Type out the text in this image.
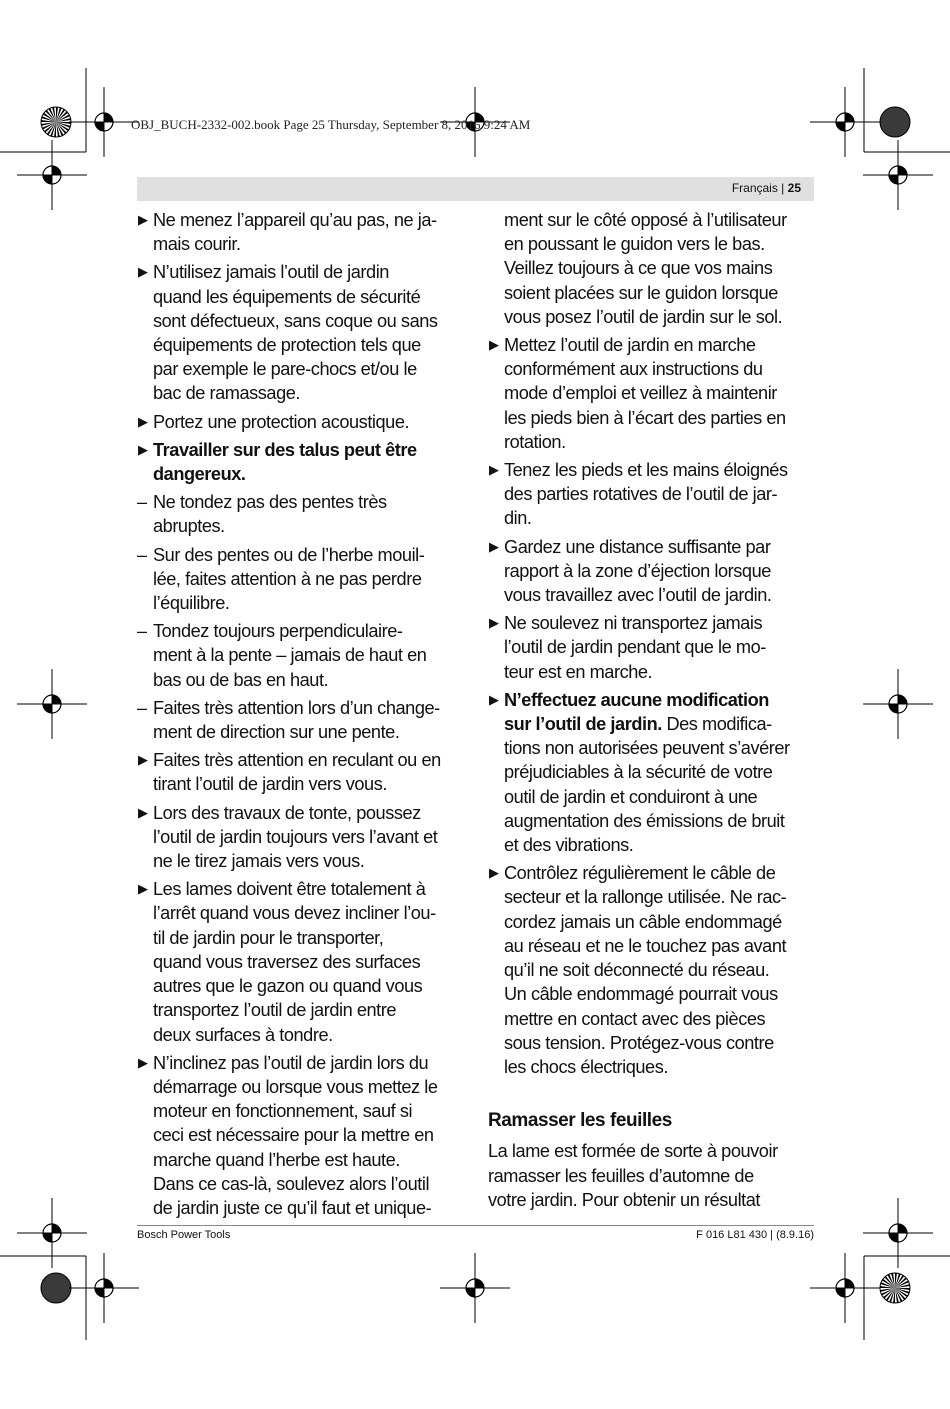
OBJ_BUCH-2332-002.book Page 25 Thursday, September 8, 2016 9:24 AM
Français | 25
▶ Ne menez l’appareil qu’au pas, ne ja-
mais courir.
▶ N’utilisez jamais l’outil de jardin
quand les équipements de sécurité
sont défectueux, sans coque ou sans
équipements de protection tels que
par exemple le pare-chocs et/ou le
bac de ramassage.
▶ Portez une protection acoustique.
▶ Travailler sur des talus peut être
dangereux.
– Ne tondez pas des pentes très
abruptes.
– Sur des pentes ou de l’herbe mouil-
lée, faites attention à ne pas perdre
l’équilibre.
– Tondez toujours perpendiculaire-
ment à la pente – jamais de haut en
bas ou de bas en haut.
– Faites très attention lors d’un change-
ment de direction sur une pente.
▶ Faites très attention en reculant ou en
tirant l’outil de jardin vers vous.
▶ Lors des travaux de tonte, poussez
l’outil de jardin toujours vers l’avant et
ne le tirez jamais vers vous.
▶ Les lames doivent être totalement à
l’arrêt quand vous devez incliner l’ou-
til de jardin pour le transporter,
quand vous traversez des surfaces
autres que le gazon ou quand vous
transportez l’outil de jardin entre
deux surfaces à tondre.
▶ N’inclinez pas l’outil de jardin lors du
démarrage ou lorsque vous mettez le
moteur en fonctionnement, sauf si
ceci est nécessaire pour la mettre en
marche quand l’herbe est haute.
Dans ce cas-là, soulevez alors l’outil
de jardin juste ce qu’il faut et unique-
ment sur le côté opposé à l’utilisateur
en poussant le guidon vers le bas.
Veillez toujours à ce que vos mains
soient placées sur le guidon lorsque
vous posez l’outil de jardin sur le sol.
▶ Mettez l’outil de jardin en marche
conformément aux instructions du
mode d’emploi et veillez à maintenir
les pieds bien à l’écart des parties en
rotation.
▶ Tenez les pieds et les mains éloignés
des parties rotatives de l’outil de jar-
din.
▶ Gardez une distance suffisante par
rapport à la zone d’éjection lorsque
vous travaillez avec l’outil de jardin.
▶ Ne soulevez ni transportez jamais
l’outil de jardin pendant que le mo-
teur est en marche.
▶ N’effectuez aucune modification
sur l’outil de jardin. Des modifica-
tions non autorisées peuvent s’avérer
préjudiciables à la sécurité de votre
outil de jardin et conduiront à une
augmentation des émissions de bruit
et des vibrations.
▶ Contrôlez régulièrement le câble de
secteur et la rallonge utilisée. Ne rac-
cordez jamais un câble endommagé
au réseau et ne le touchez pas avant
qu’il ne soit déconnecté du réseau.
Un câble endommagé pourrait vous
mettre en contact avec des pièces
sous tension. Protégez-vous contre
les chocs électriques.
Ramasser les feuilles
La lame est formée de sorte à pouvoir
ramasser les feuilles d’automne de
votre jardin. Pour obtenir un résultat
Bosch Power Tools	F 016 L81 430 | (8.9.16)
